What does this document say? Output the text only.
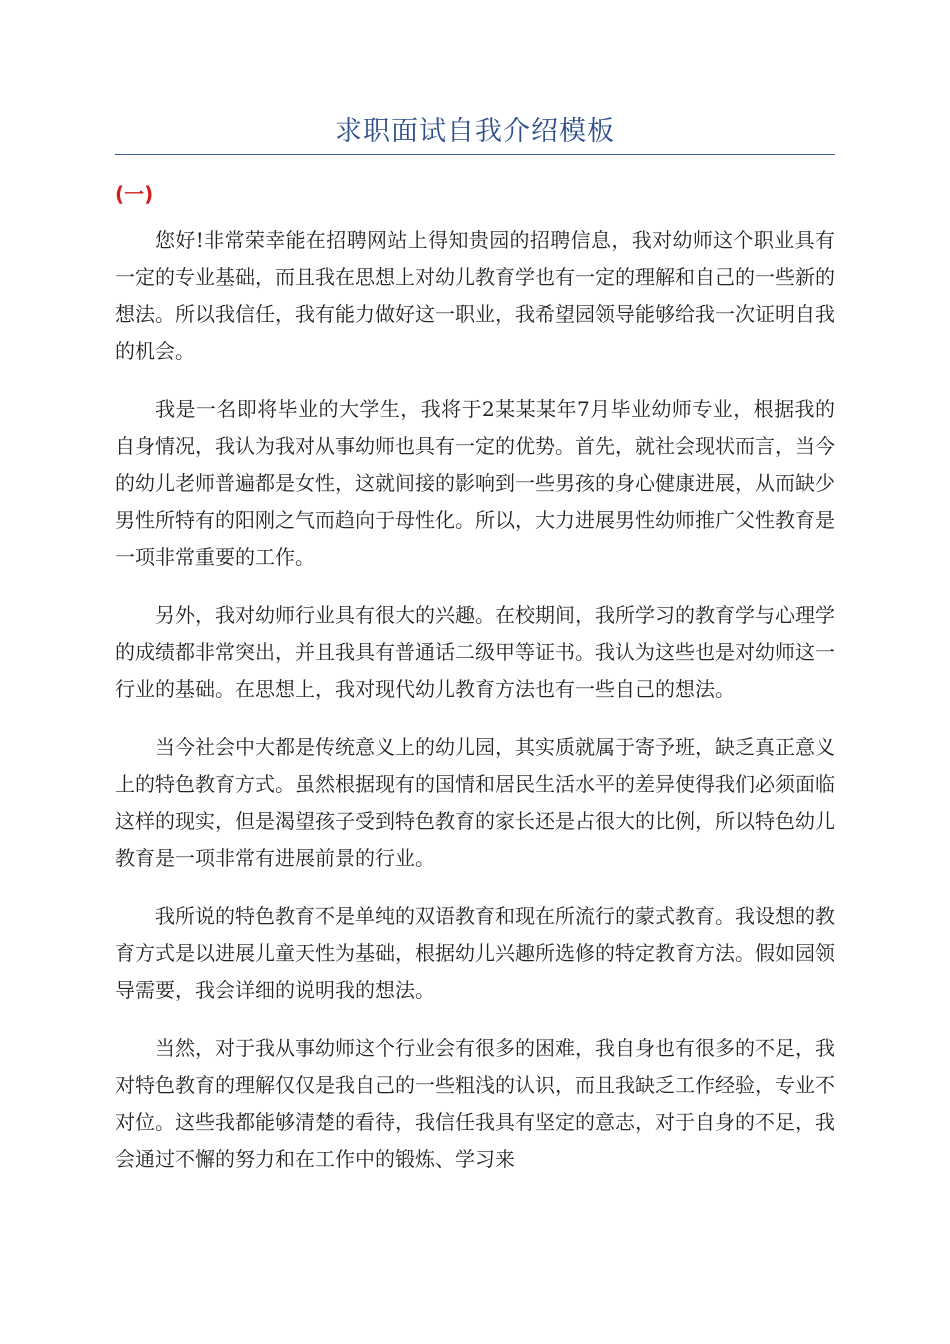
求职面试自我介绍模板
(一)

您好!非常荣幸能在招聘网站上得知贵园的招聘信息，我对幼师这个职业具有一定的专业基础，而且我在思想上对幼儿教育学也有一定的理解和自己的一些新的想法。所以我信任，我有能力做好这一职业，我希望园领导能够给我一次证明自我的机会。

我是一名即将毕业的大学生，我将于2某某某年7月毕业幼师专业，根据我的自身情况，我认为我对从事幼师也具有一定的优势。首先，就社会现状而言，当今的幼儿老师普遍都是女性，这就间接的影响到一些男孩的身心健康进展，从而缺少男性所特有的阳刚之气而趋向于母性化。所以，大力进展男性幼师推广父性教育是一项非常重要的工作。

另外，我对幼师行业具有很大的兴趣。在校期间，我所学习的教育学与心理学的成绩都非常突出，并且我具有普通话二级甲等证书。我认为这些也是对幼师这一行业的基础。在思想上，我对现代幼儿教育方法也有一些自己的想法。

当今社会中大都是传统意义上的幼儿园，其实质就属于寄予班，缺乏真正意义上的特色教育方式。虽然根据现有的国情和居民生活水平的差异使得我们必须面临这样的现实，但是渴望孩子受到特色教育的家长还是占很大的比例，所以特色幼儿教育是一项非常有进展前景的行业。

我所说的特色教育不是单纯的双语教育和现在所流行的蒙式教育。我设想的教育方式是以进展儿童天性为基础，根据幼儿兴趣所选修的特定教育方法。假如园领导需要，我会详细的说明我的想法。

当然，对于我从事幼师这个行业会有很多的困难，我自身也有很多的不足，我对特色教育的理解仅仅是我自己的一些粗浅的认识，而且我缺乏工作经验，专业不对位。这些我都能够清楚的看待，我信任我具有坚定的意志，对于自身的不足，我会通过不懈的努力和在工作中的锻炼、学习来
